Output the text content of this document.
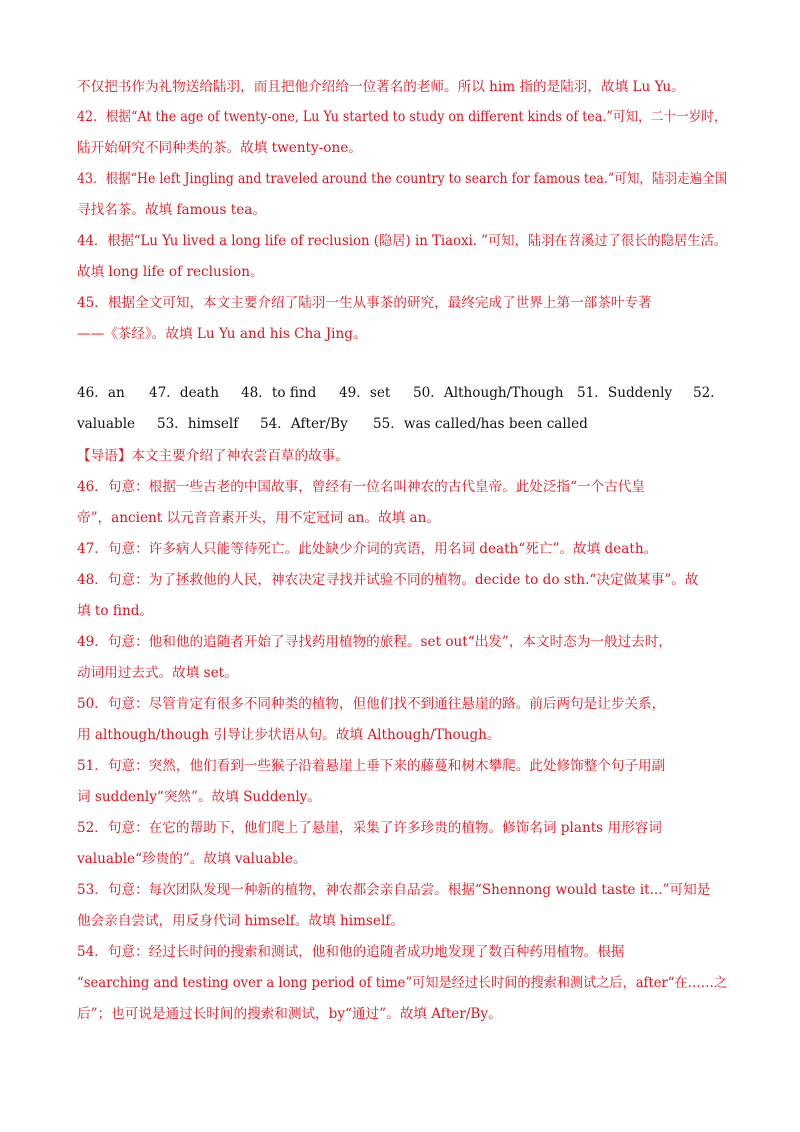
不仅把书作为礼物送给陆羽，而且把他介绍给一位著名的老师。所以 him 指的是陆羽，故填 Lu Yu。
42．根据“At the age of twenty-one, Lu Yu started to study on different kinds of tea.”可知，二十一岁时，
陆开始研究不同种类的茶。故填 twenty-one。
43．根据“He left Jingling and traveled around the country to search for famous tea.”可知，陆羽走遍全国
寻找名茶。故填 famous tea。
44．根据“Lu Yu lived a long life of reclusion (隐居) in Tiaoxi. ”可知，陆羽在苕溪过了很长的隐居生活。
故填 long life of reclusion。
45．根据全文可知，本文主要介绍了陆羽一生从事茶的研究，最终完成了世界上第一部茶叶专著
——《茶经》。故填 Lu Yu and his Cha Jing。
46．an 47．death 48．to find 49．set 50．Although/Though 51．Suddenly 52．
valuable 53．himself 54．After/By 55．was called/has been called
【导语】本文主要介绍了神农尝百草的故事。
46．句意：根据一些古老的中国故事，曾经有一位名叫神农的古代皇帝。此处泛指“一个古代皇
帝”，ancient 以元音音素开头，用不定冠词 an。故填 an。
47．句意：许多病人只能等待死亡。此处缺少介词的宾语，用名词 death“死亡”。故填 death。
48．句意：为了拯救他的人民，神农决定寻找并试验不同的植物。decide to do sth.“决定做某事”。故
填 to find。
49．句意：他和他的追随者开始了寻找药用植物的旅程。set out“出发”，本文时态为一般过去时，
动词用过去式。故填 set。
50．句意：尽管肯定有很多不同种类的植物，但他们找不到通往悬崖的路。前后两句是让步关系，
用 although/though 引导让步状语从句。故填 Although/Though。
51．句意：突然，他们看到一些猴子沿着悬崖上垂下来的藤蔓和树木攀爬。此处修饰整个句子用副
词 suddenly“突然”。故填 Suddenly。
52．句意：在它的帮助下，他们爬上了悬崖，采集了许多珍贵的植物。修饰名词 plants 用形容词
valuable“珍贵的”。故填 valuable。
53．句意：每次团队发现一种新的植物，神农都会亲自品尝。根据“Shennong would taste it...”可知是
他会亲自尝试，用反身代词 himself。故填 himself。
54．句意：经过长时间的搜索和测试，他和他的追随者成功地发现了数百种药用植物。根据
“searching and testing over a long period of time”可知是经过长时间的搜索和测试之后，after“在……之
后”；也可说是通过长时间的搜索和测试，by“通过”。故填 After/By。
